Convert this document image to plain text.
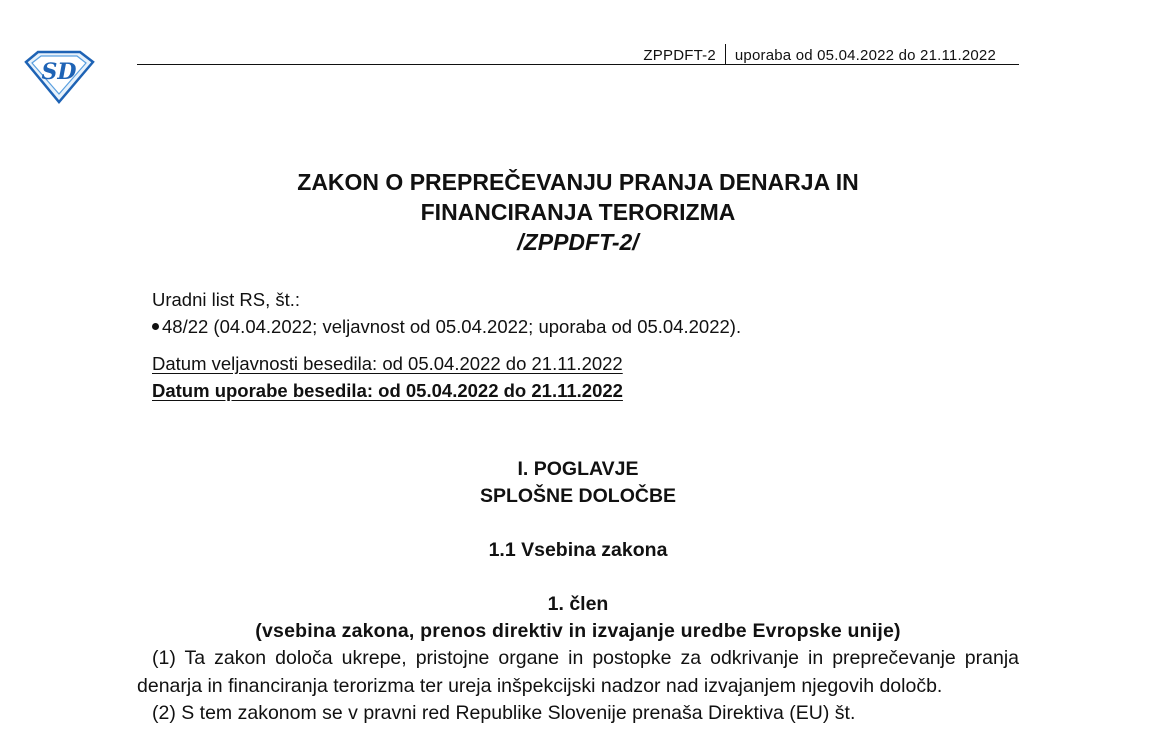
SD
ZPPDFT-2 uporaba od 05.04.2022 do 21.11.2022
ZAKON O PREPREČEVANJU PRANJA DENARJA IN
FINANCIRANJA TERORIZMA
/ZPPDFT-2/
Uradni list RS, št.:
48/22 (04.04.2022; veljavnost od 05.04.2022; uporaba od 05.04.2022).
Datum veljavnosti besedila: od 05.04.2022 do 21.11.2022
Datum uporabe besedila: od 05.04.2022 do 21.11.2022
I. POGLAVJE
SPLOŠNE DOLOČBE
1.1 Vsebina zakona
1. člen
(vsebina zakona, prenos direktiv in izvajanje uredbe Evropske unije)

(1) Ta zakon določa ukrepe, pristojne organe in postopke za odkrivanje in preprečevanje pranja denarja in financiranja terorizma ter ureja inšpekcijski nadzor nad izvajanjem njegovih določb.

(2) S tem zakonom se v pravni red Republike Slovenije prenaša Direktiva (EU) št.
